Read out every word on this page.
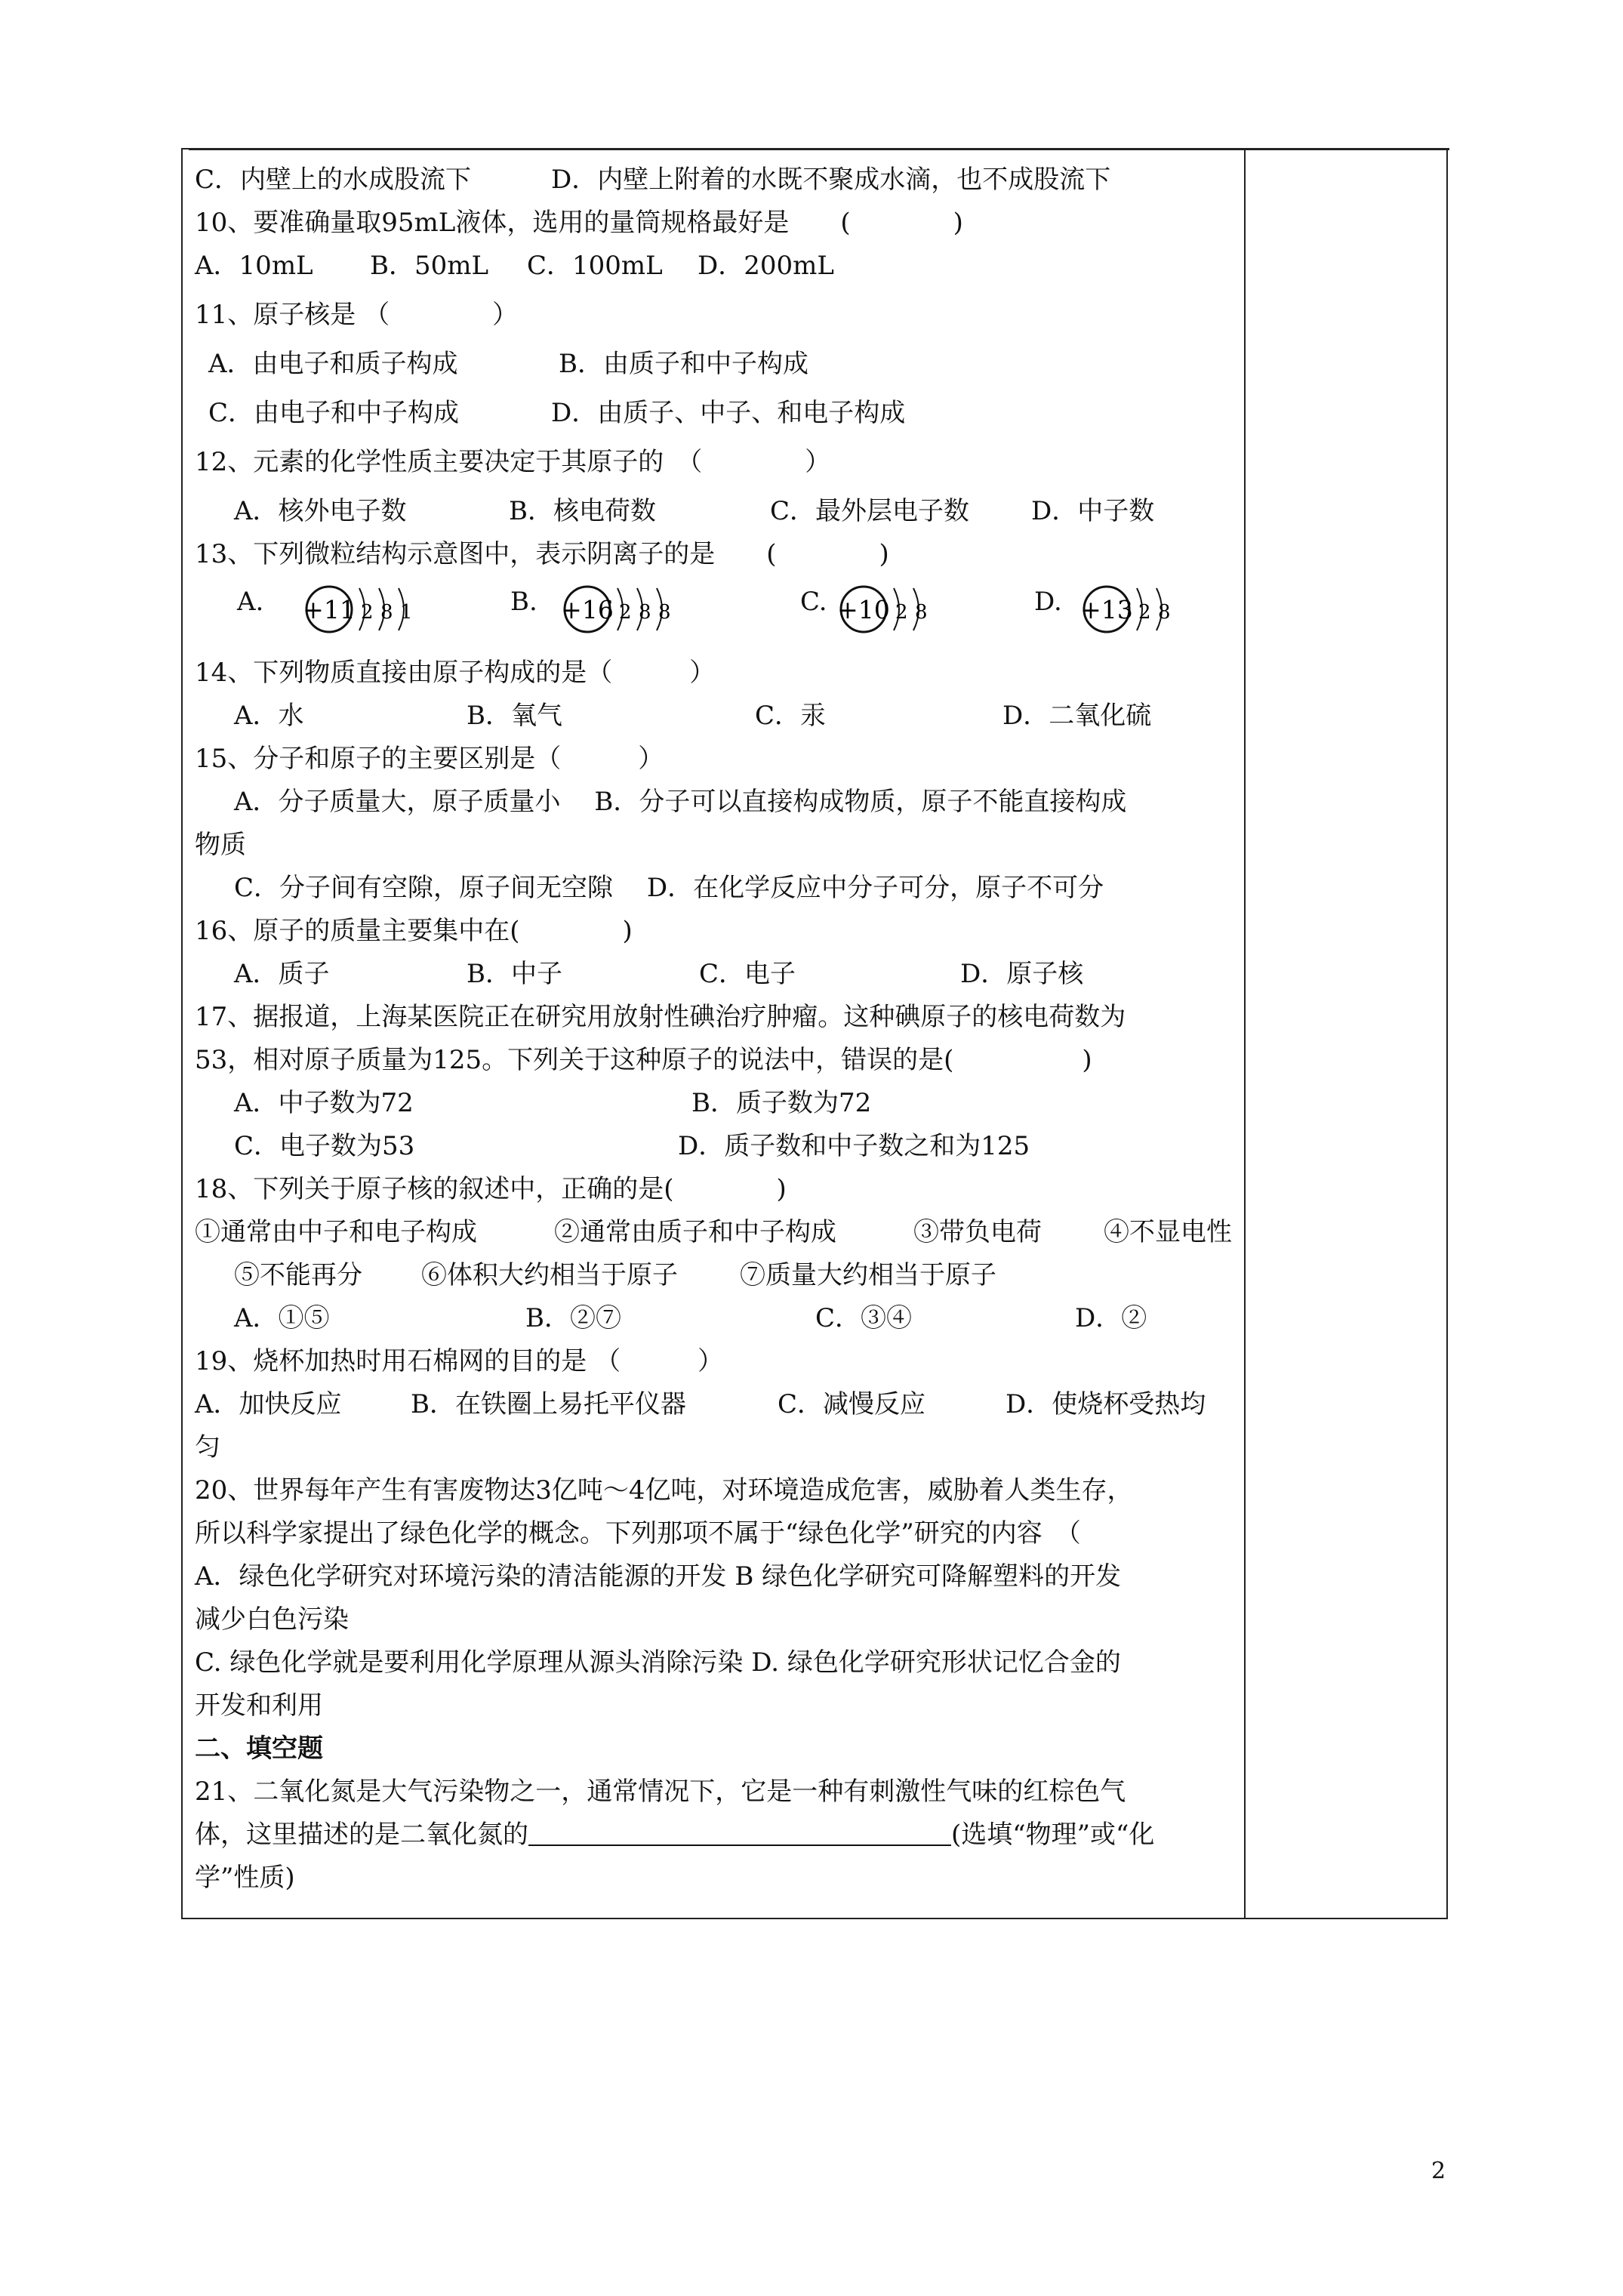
C．内壁上的水成股流下	D．内壁上附着的水既不聚成水滴，也不成股流下
10、要准确量取95mL液体，选用的量筒规格最好是　　(　　　　)
A．10mL B．50mL C．100mL D．200mL
11、原子核是 （　　　　）
A．由电子和质子构成	B．由质子和中子构成
C．由电子和中子构成	D．由质子、中子、和电子构成
12、元素的化学性质主要决定于其原子的　（　　　　）
A．核外电子数	B．核电荷数	C．最外层电子数 D．中子数
13、下列微粒结构示意图中，表示阴离子的是　　(　　　　)
A. +11 2 8 1	B. +16 2 8 8	C. +10 2 8	D. +13 2 8
14、下列物质直接由原子构成的是（　　　）
A．水	B．氧气	C．汞	D．二氧化硫
15、分子和原子的主要区别是（　　　）
A．分子质量大，原子质量小　 B．分子可以直接构成物质，原子不能直接构成
物质
C．分子间有空隙，原子间无空隙　 D．在化学反应中分子可分，原子不可分
16、原子的质量主要集中在(　　　　)
A．质子	B．中子	C．电子	D．原子核
17、据报道，上海某医院正在研究用放射性碘治疗肿瘤。这种碘原子的核电荷数为
53，相对原子质量为125。下列关于这种原子的说法中，错误的是(　　　　　)
A．中子数为72	B．质子数为72
C．电子数为53	D．质子数和中子数之和为125
18、下列关于原子核的叙述中，正确的是(　　　　)
①通常由中子和电子构成	②通常由质子和中子构成	③带负电荷 ④不显电性
⑤不能再分 ⑥体积大约相当于原子 ⑦质量大约相当于原子
A．①⑤	B．②⑦	C．③④	D．②
19、烧杯加热时用石棉网的目的是 （　　　）
A．加快反应	B．在铁圈上易托平仪器	C．减慢反应	D．使烧杯受热均
匀
20、世界每年产生有害废物达3亿吨～4亿吨，对环境造成危害，威胁着人类生存，
所以科学家提出了绿色化学的概念。下列那项不属于“绿色化学”研究的内容　（
A．绿色化学研究对环境污染的清洁能源的开发 B 绿色化学研究可降解塑料的开发
减少白色污染
C. 绿色化学就是要利用化学原理从源头消除污染 D. 绿色化学研究形状记忆合金的
开发和利用
二、填空题
21、二氧化氮是大气污染物之一，通常情况下，它是一种有刺激性气味的红棕色气
体，这里描述的是二氧化氮的	(选填“物理”或“化
学”性质)
2
